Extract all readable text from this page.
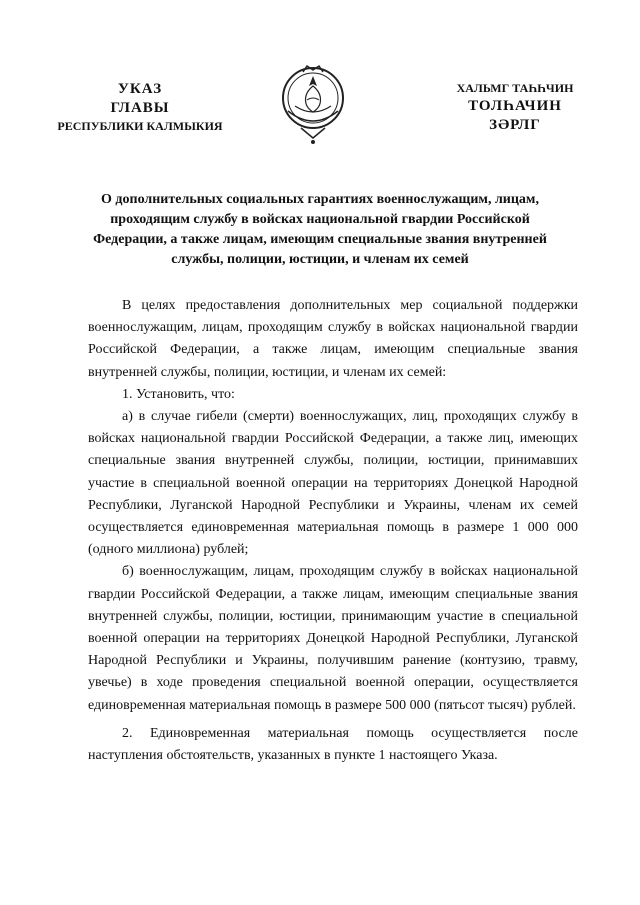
УКАЗ
ГЛАВЫ
РЕСПУБЛИКИ КАЛМЫКИЯ
ХАЛЬМГ ТАҺҺЧИН
ТОЛҺАЧИН
ЗӘРЛГ
О дополнительных социальных гарантиях военнослужащим, лицам, проходящим службу в войсках национальной гвардии Российской Федерации, а также лицам, имеющим специальные звания внутренней службы, полиции, юстиции, и членам их семей

В целях предоставления дополнительных мер социальной поддержки военнослужащим, лицам, проходящим службу в войсках национальной гвардии Российской Федерации, а также лицам, имеющим специальные звания внутренней службы, полиции, юстиции, и членам их семей:

1. Установить, что:

а) в случае гибели (смерти) военнослужащих, лиц, проходящих службу в войсках национальной гвардии Российской Федерации, а также лиц, имеющих специальные звания внутренней службы, полиции, юстиции, принимавших участие в специальной военной операции на территориях Донецкой Народной Республики, Луганской Народной Республики и Украины, членам их семей осуществляется единовременная материальная помощь в размере 1 000 000 (одного миллиона) рублей;

б) военнослужащим, лицам, проходящим службу в войсках национальной гвардии Российской Федерации, а также лицам, имеющим специальные звания внутренней службы, полиции, юстиции, принимающим участие в специальной военной операции на территориях Донецкой Народной Республики, Луганской Народной Республики и Украины, получившим ранение (контузию, травму, увечье) в ходе проведения специальной военной операции, осуществляется единовременная материальная помощь в размере 500 000 (пятьсот тысяч) рублей.

2. Единовременная материальная помощь осуществляется после наступления обстоятельств, указанных в пункте 1 настоящего Указа.
